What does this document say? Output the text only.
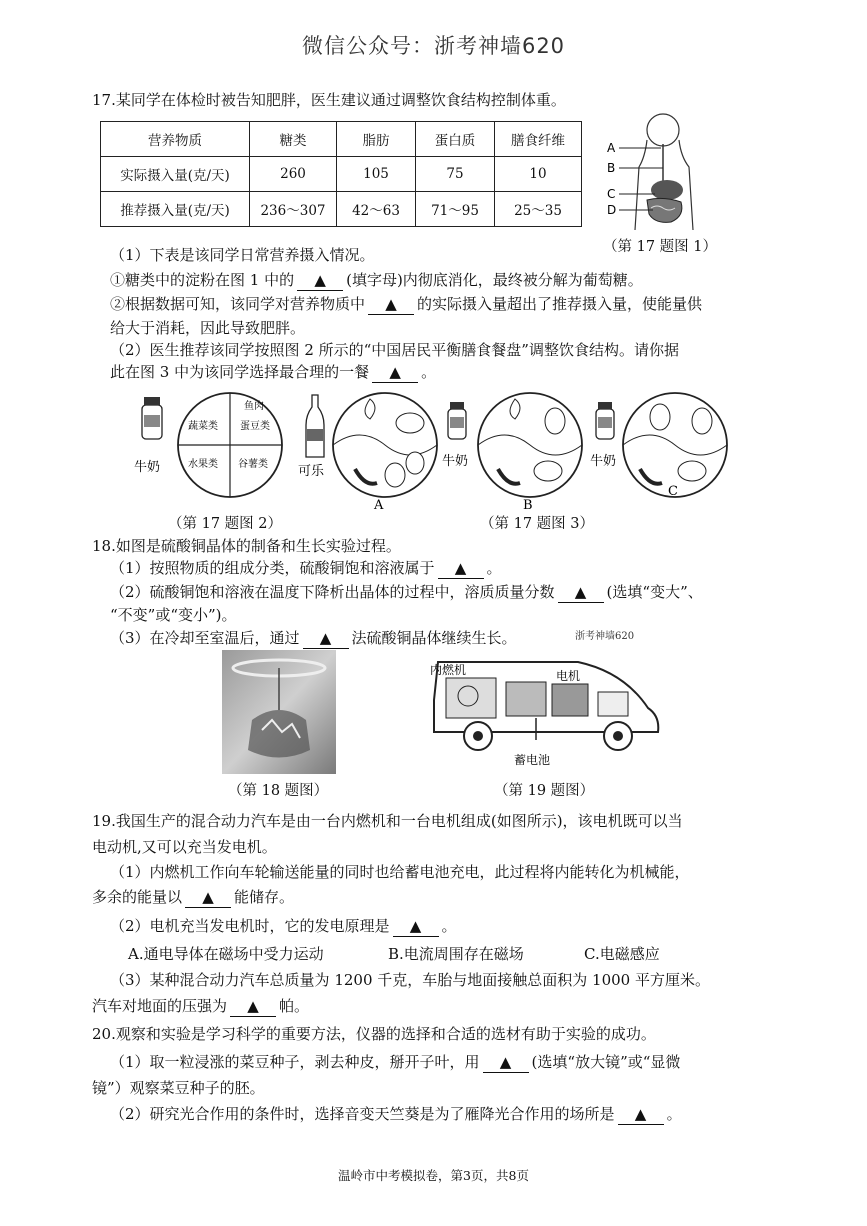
微信公众号：浙考神墙620
17.某同学在体检时被告知肥胖，医生建议通过调整饮食结构控制体重。
营养物质	糖类	脂肪	蛋白质	膳食纤维
实际摄入量(克/天)	260	105	75	10
推荐摄入量(克/天)	236～307	42～63	71～95	25～35
A
B
C
D
（第 17 题图 1）
（1）下表是该同学日常营养摄入情况。
①糖类中的淀粉在图 1 中的 ▲ (填字母)内彻底消化，最终被分解为葡萄糖。
②根据数据可知，该同学对营养物质中 ▲ 的实际摄入量超出了推荐摄入量，使能量供
给大于消耗，因此导致肥胖。
（2）医生推荐该同学按照图 2 所示的“中国居民平衡膳食餐盘”调整饮食结构。请你据
此在图 3 中为该同学选择最合理的一餐 ▲ 。
牛奶
蔬菜类
鱼肉
蛋豆类
水果类 谷薯类 可乐
A
牛奶
B
牛奶
C
（第 17 题图 2）	（第 17 题图 3）
18.如图是硫酸铜晶体的制备和生长实验过程。
（1）按照物质的组成分类，硫酸铜饱和溶液属于 ▲ 。
（2）硫酸铜饱和溶液在温度下降析出晶体的过程中，溶质质量分数 ▲ (选填“变大”、
“不变”或“变小”)。
（3）在冷却至室温后，通过 ▲ 法硫酸铜晶体继续生长。	浙考神墙620
（第 18 题图）
内燃机	电机
蓄电池
（第 19 题图）
19.我国生产的混合动力汽车是由一台内燃机和一台电机组成(如图所示)，该电机既可以当
电动机,又可以充当发电机。
（1）内燃机工作向车轮输送能量的同时也给蓄电池充电，此过程将内能转化为机械能，
多余的能量以 ▲ 能储存。
（2）电机充当发电机时，它的发电原理是 ▲ 。
A.通电导体在磁场中受力运动	B.电流周围存在磁场	C.电磁感应
（3）某种混合动力汽车总质量为 1200 千克，车胎与地面接触总面积为 1000 平方厘米。
汽车对地面的压强为 ▲ 帕。
20.观察和实验是学习科学的重要方法，仪器的选择和合适的选材有助于实验的成功。
（1）取一粒浸涨的菜豆种子，剥去种皮，掰开子叶，用 ▲ (选填“放大镜”或“显微
镜”）观察菜豆种子的胚。
（2）研究光合作用的条件时，选择音变天竺葵是为了雁降光合作用的场所是 ▲ 。
温岭市中考模拟卷，第3页，共8页
